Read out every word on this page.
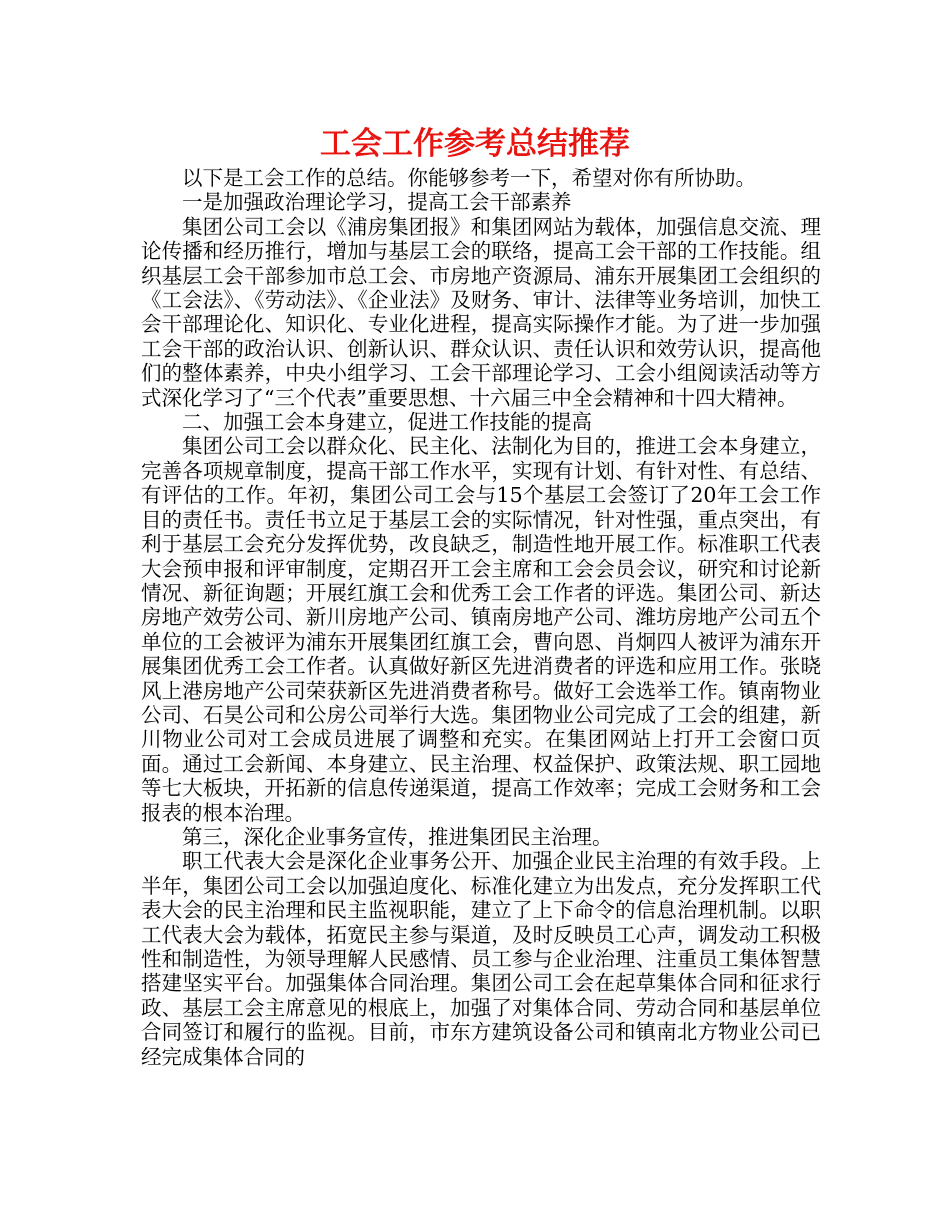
工会工作参考总结推荐

以下是工会工作的总结。你能够参考一下，希望对你有所协助。

一是加强政治理论学习，提高工会干部素养

集团公司工会以《浦房集团报》和集团网站为载体，加强信息交流、理论传播和经历推行，增加与基层工会的联络，提高工会干部的工作技能。组织基层工会干部参加市总工会、市房地产资源局、浦东开展集团工会组织的《工会法》、《劳动法》、《企业法》及财务、审计、法律等业务培训，加快工会干部理论化、知识化、专业化进程，提高实际操作才能。为了进一步加强工会干部的政治认识、创新认识、群众认识、责任认识和效劳认识，提高他们的整体素养，中央小组学习、工会干部理论学习、工会小组阅读活动等方式深化学习了“三个代表”重要思想、十六届三中全会精神和十四大精神。

二、加强工会本身建立，促进工作技能的提高

集团公司工会以群众化、民主化、法制化为目的，推进工会本身建立，完善各项规章制度，提高干部工作水平，实现有计划、有针对性、有总结、有评估的工作。年初，集团公司工会与15个基层工会签订了20年工会工作目的责任书。责任书立足于基层工会的实际情况，针对性强，重点突出，有利于基层工会充分发挥优势，改良缺乏，制造性地开展工作。标准职工代表大会预申报和评审制度，定期召开工会主席和工会会员会议，研究和讨论新情况、新征询题；开展红旗工会和优秀工会工作者的评选。集团公司、新达房地产效劳公司、新川房地产公司、镇南房地产公司、潍坊房地产公司五个单位的工会被评为浦东开展集团红旗工会，曹向恩、肖炯四人被评为浦东开展集团优秀工会工作者。认真做好新区先进消费者的评选和应用工作。张晓风上港房地产公司荣获新区先进消费者称号。做好工会选举工作。镇南物业公司、石昊公司和公房公司举行大选。集团物业公司完成了工会的组建，新川物业公司对工会成员进展了调整和充实。在集团网站上打开工会窗口页面。通过工会新闻、本身建立、民主治理、权益保护、政策法规、职工园地等七大板块，开拓新的信息传递渠道，提高工作效率；完成工会财务和工会报表的根本治理。

第三，深化企业事务宣传，推进集团民主治理。

职工代表大会是深化企业事务公开、加强企业民主治理的有效手段。上半年，集团公司工会以加强迫度化、标准化建立为出发点，充分发挥职工代表大会的民主治理和民主监视职能，建立了上下命令的信息治理机制。以职工代表大会为载体，拓宽民主参与渠道，及时反映员工心声，调发动工积极性和制造性，为领导理解人民感情、员工参与企业治理、注重员工集体智慧搭建坚实平台。加强集体合同治理。集团公司工会在起草集体合同和征求行政、基层工会主席意见的根底上，加强了对集体合同、劳动合同和基层单位合同签订和履行的监视。目前，市东方建筑设备公司和镇南北方物业公司已经完成集体合同的
